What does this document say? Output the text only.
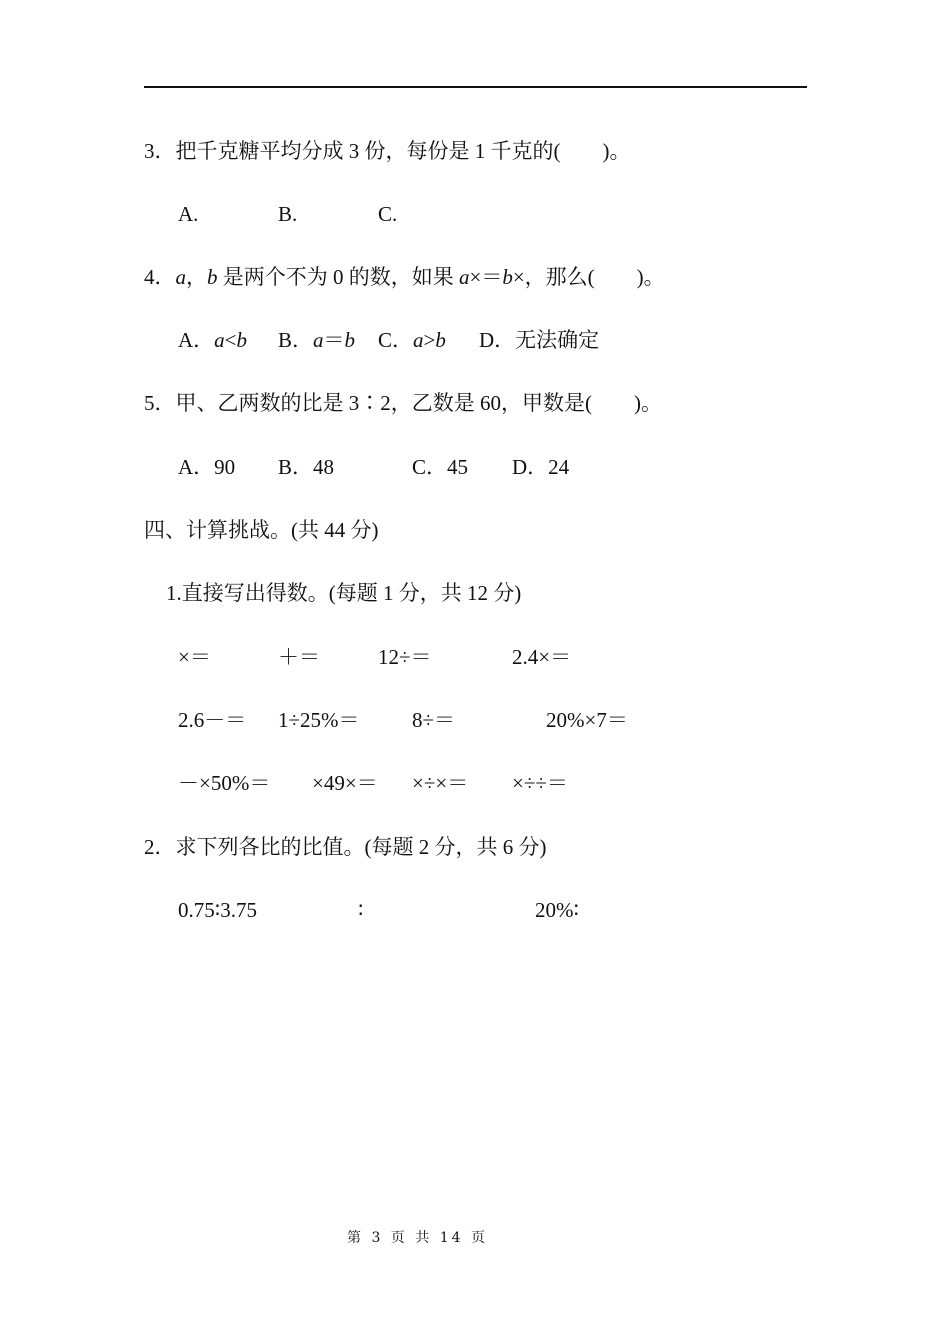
3．把千克糖平均分成 3 份，每份是 1 千克的(　　)。
A.	B.	C.
4．a，b 是两个不为 0 的数，如果 a×＝b×，那么(　　)。
A．a<b B．a＝b C．a>b D．无法确定
5．甲、乙两数的比是 3∶2，乙数是 60，甲数是(　　)。
A．90 B．48	C．45 D．24
四、计算挑战。(共 44 分)
1.直接写出得数。(每题 1 分，共 12 分)
×＝	＋＝	12÷＝	2.4×＝
2.6－＝ 1÷25%＝ 8÷＝	20%×7＝
－×50%＝ ×49×＝ ×÷×＝ ×÷÷＝
2．求下列各比的比值。(每题 2 分，共 6 分)
0.75∶3.75	∶	20%∶
第 3 页 共 14 页
